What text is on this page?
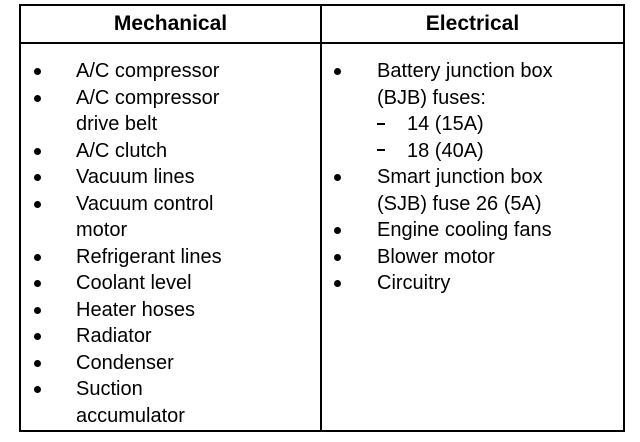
Mechanical	Electrical
A/C compressor
A/C compressor
drive belt
A/C clutch
Vacuum lines
Vacuum control
motor
Refrigerant lines
Coolant level
Heater hoses
Radiator
Condenser
Suction
accumulator
Battery junction box
(BJB) fuses:
14 (15A)
18 (40A)
Smart junction box
(SJB) fuse 26 (5A)
Engine cooling fans
Blower motor
Circuitry
